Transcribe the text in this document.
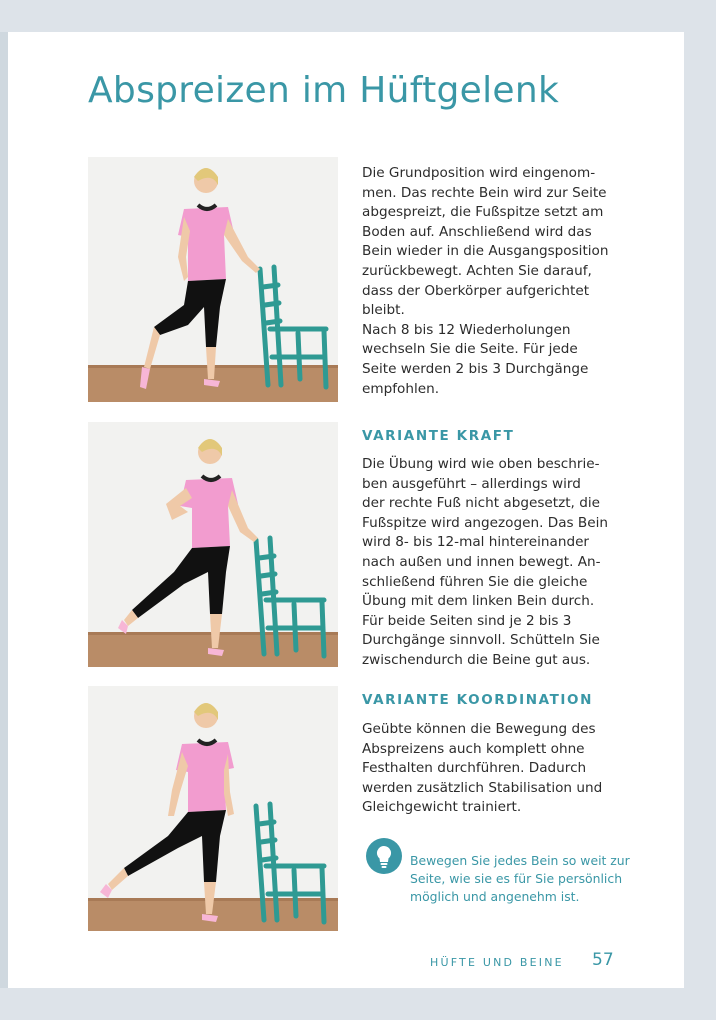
Abspreizen im Hüftgelenk
Die Grundposition wird eingenom-
men. Das rechte Bein wird zur Seite
abgespreizt, die Fußspitze setzt am
Boden auf. Anschließend wird das
Bein wieder in die Ausgangsposition
zurückbewegt. Achten Sie darauf,
dass der Oberkörper aufgerichtet
bleibt.
Nach 8 bis 12 Wiederholungen
wechseln Sie die Seite. Für jede
Seite werden 2 bis 3 Durchgänge
empfohlen.
VARIANTE KRAFT
Die Übung wird wie oben beschrie-
ben ausgeführt – allerdings wird
der rechte Fuß nicht abgesetzt, die
Fußspitze wird angezogen. Das Bein
wird 8- bis 12-mal hintereinander
nach außen und innen bewegt. An-
schließend führen Sie die gleiche
Übung mit dem linken Bein durch.
Für beide Seiten sind je 2 bis 3
Durchgänge sinnvoll. Schütteln Sie
zwischendurch die Beine gut aus.
VARIANTE KOORDINATION
Geübte können die Bewegung des
Abspreizens auch komplett ohne
Festhalten durchführen. Dadurch
werden zusätzlich Stabilisation und
Gleichgewicht trainiert.
Bewegen Sie jedes Bein so weit zur
Seite, wie sie es für Sie persönlich
möglich und angenehm ist.
HÜFTE UND BEINE 57
